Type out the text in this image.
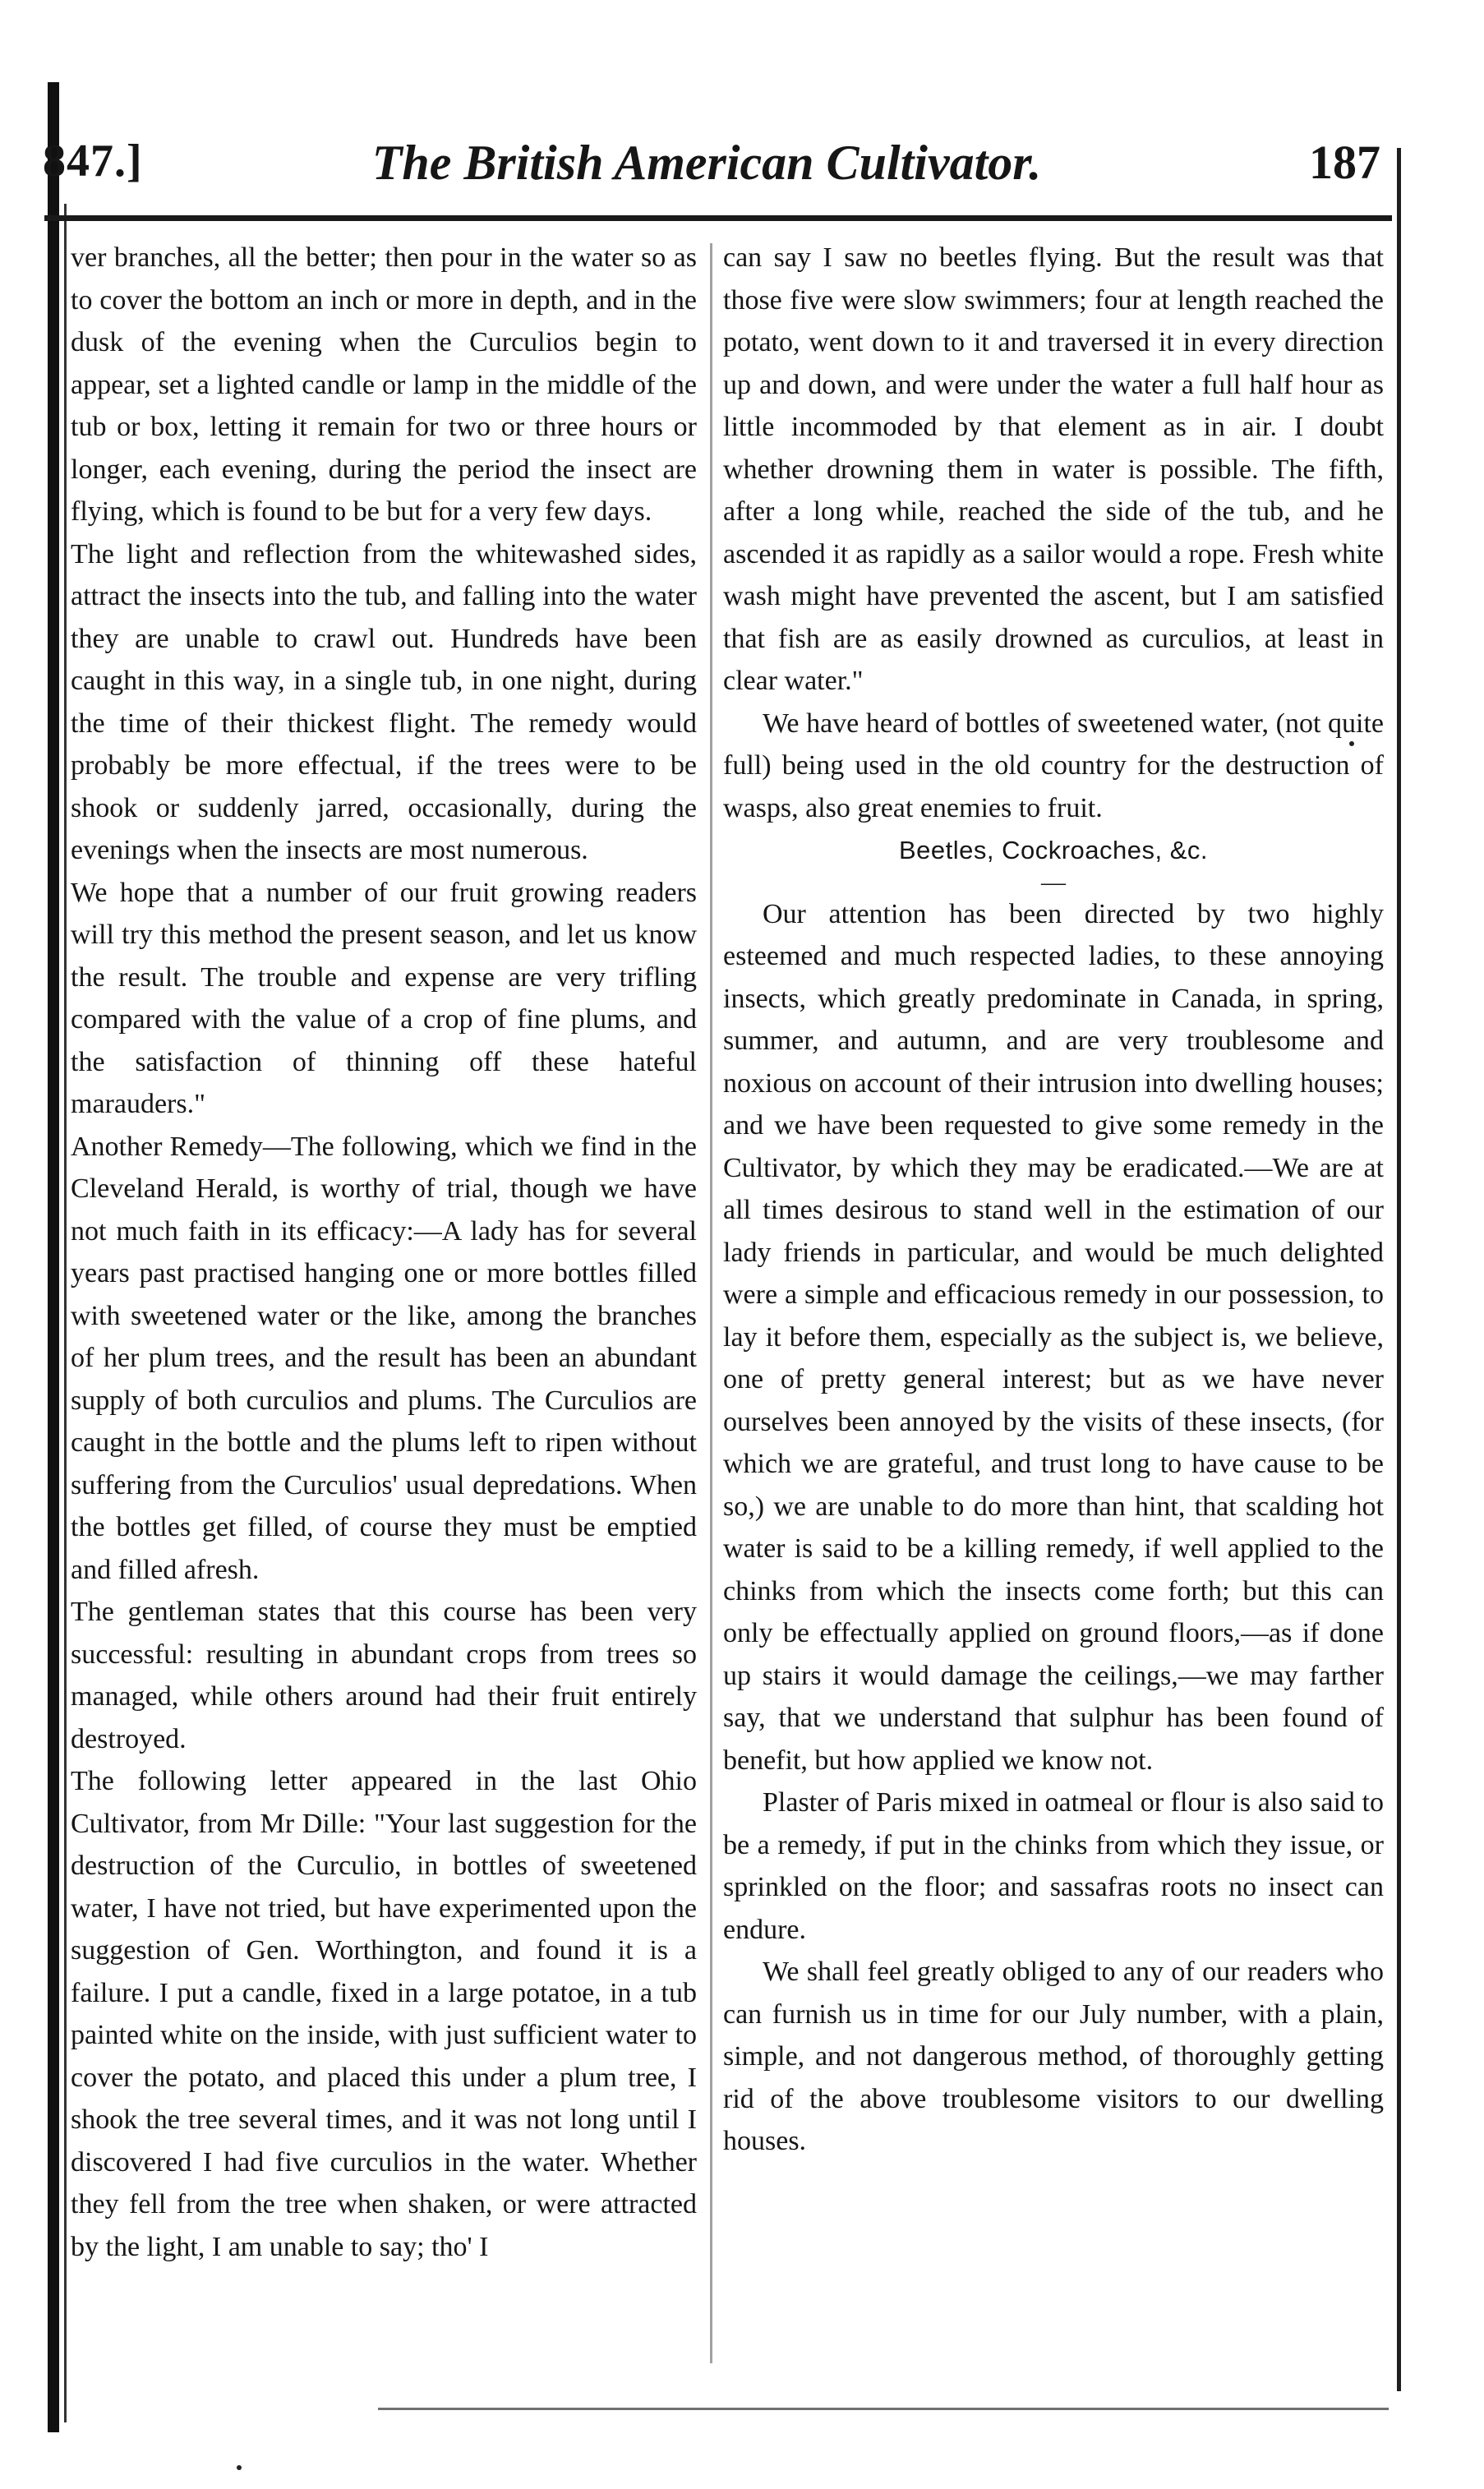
847.]	The British American Cultivator.	187

ver branches, all the better; then pour in the water so as to cover the bottom an inch or more in depth, and in the dusk of the evening when the Curculios begin to appear, set a lighted candle or lamp in the middle of the tub or box, letting it remain for two or three hours or longer, each evening, during the period the insect are flying, which is found to be but for a very few days.

The light and reflection from the whitewashed sides, attract the insects into the tub, and falling into the water they are unable to crawl out. Hundreds have been caught in this way, in a single tub, in one night, during the time of their thickest flight. The remedy would probably be more effectual, if the trees were to be shook or suddenly jarred, occasionally, during the evenings when the insects are most numerous.

We hope that a number of our fruit growing readers will try this method the present season, and let us know the result. The trouble and expense are very trifling compared with the value of a crop of fine plums, and the satisfaction of thinning off these hateful marauders."

Another Remedy—The following, which we find in the Cleveland Herald, is worthy of trial, though we have not much faith in its efficacy:—A lady has for several years past practised hanging one or more bottles filled with sweetened water or the like, among the branches of her plum trees, and the result has been an abundant supply of both curculios and plums. The Curculios are caught in the bottle and the plums left to ripen without suffering from the Curculios' usual depredations. When the bottles get filled, of course they must be emptied and filled afresh.

The gentleman states that this course has been very successful: resulting in abundant crops from trees so managed, while others around had their fruit entirely destroyed.

The following letter appeared in the last Ohio Cultivator, from Mr Dille: "Your last suggestion for the destruction of the Curculio, in bottles of sweetened water, I have not tried, but have experimented upon the suggestion of Gen. Worthington, and found it is a failure. I put a candle, fixed in a large potatoe, in a tub painted white on the inside, with just sufficient water to cover the potato, and placed this under a plum tree, I shook the tree several times, and it was not long until I discovered I had five curculios in the water. Whether they fell from the tree when shaken, or were attracted by the light, I am unable to say; tho' I

can say I saw no beetles flying. But the result was that those five were slow swimmers; four at length reached the potato, went down to it and traversed it in every direction up and down, and were under the water a full half hour as little incommoded by that element as in air. I doubt whether drowning them in water is possible. The fifth, after a long while, reached the side of the tub, and he ascended it as rapidly as a sailor would a rope. Fresh white wash might have prevented the ascent, but I am satisfied that fish are as easily drowned as curculios, at least in clear water."

We have heard of bottles of sweetened water, (not quite full) being used in the old country for the destruction of wasps, also great enemies to fruit.

Beetles, Cockroaches, &c.

—

Our attention has been directed by two highly esteemed and much respected ladies, to these annoying insects, which greatly predominate in Canada, in spring, summer, and autumn, and are very troublesome and noxious on account of their intrusion into dwelling houses; and we have been requested to give some remedy in the Cultivator, by which they may be eradicated.—We are at all times desirous to stand well in the estimation of our lady friends in particular, and would be much delighted were a simple and efficacious remedy in our possession, to lay it before them, especially as the subject is, we believe, one of pretty general interest; but as we have never ourselves been annoyed by the visits of these insects, (for which we are grateful, and trust long to have cause to be so,) we are unable to do more than hint, that scalding hot water is said to be a killing remedy, if well applied to the chinks from which the insects come forth; but this can only be effectually applied on ground floors,—as if done up stairs it would damage the ceilings,—we may farther say, that we understand that sulphur has been found of benefit, but how applied we know not.

Plaster of Paris mixed in oatmeal or flour is also said to be a remedy, if put in the chinks from which they issue, or sprinkled on the floor; and sassafras roots no insect can endure.

We shall feel greatly obliged to any of our readers who can furnish us in time for our July number, with a plain, simple, and not dangerous method, of thoroughly getting rid of the above troublesome visitors to our dwelling houses.
